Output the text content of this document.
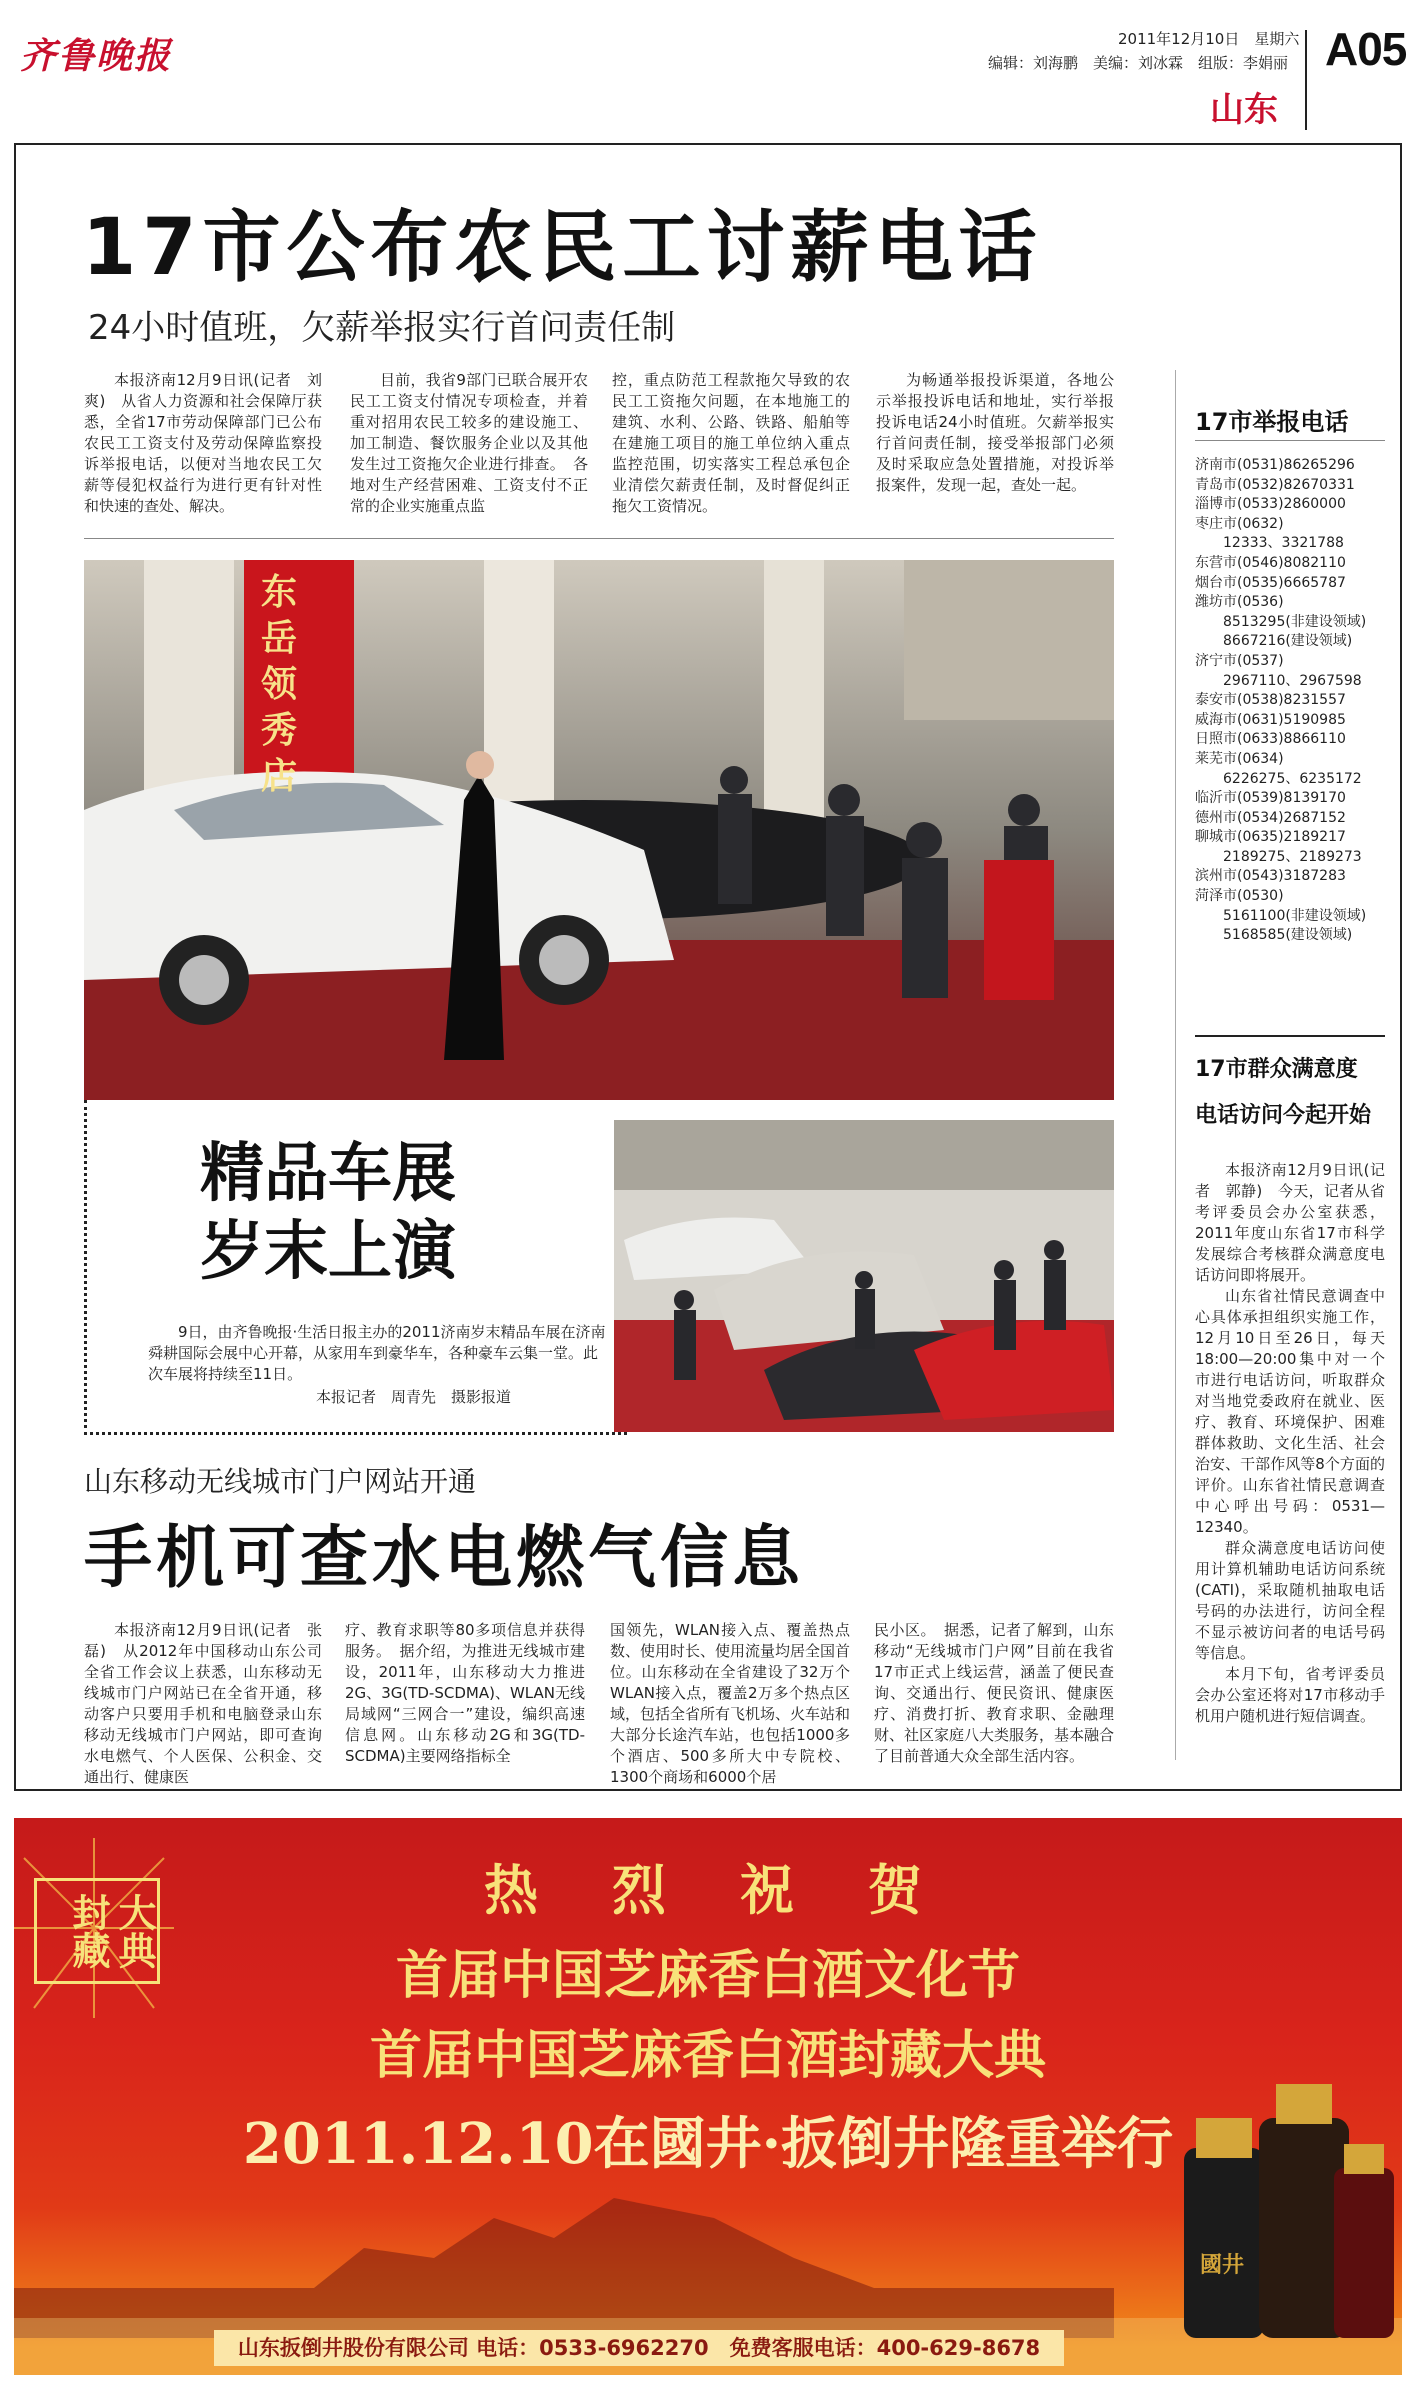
齐鲁晚报	2011年12月10日　 星期六
编辑：刘海鹏　美编：刘冰霖　组版：李娟丽 A05
山东
17市公布农民工讨薪电话
24小时值班，欠薪举报实行首问责任制

本报济南12月9日讯(记者　刘爽)　从省人力资源和社会保障厅获悉，全省17市劳动保障部门已公布农民工工资支付及劳动保障监察投诉举报电话，以便对当地农民工欠薪等侵犯权益行为进行更有针对性和快速的查处、解决。

目前，我省9部门已联合展开农民工工资支付情况专项检查，并着重对招用农民工较多的建设施工、加工制造、餐饮服务企业以及其他发生过工资拖欠企业进行排查。　各地对生产经营困难、工资支付不正常的企业实施重点监

控，重点防范工程款拖欠导致的农民工工资拖欠问题，在本地施工的建筑、水利、公路、铁路、船舶等在建施工项目的施工单位纳入重点监控范围，切实落实工程总承包企业清偿欠薪责任制，及时督促纠正拖欠工资情况。

为畅通举报投诉渠道，各地公示举报投诉电话和地址，实行举报投诉电话24小时值班。欠薪举报实行首问责任制，接受举报部门必须及时采取应急处置措施，对投诉举报案件，发现一起，查处一起。

17市举报电话
济南市(0531)86265296
青岛市(0532)82670331
淄博市(0533)2860000
枣庄市(0632)
　　12333、3321788
东营市(0546)8082110
烟台市(0535)6665787
潍坊市(0536)
　　8513295(非建设领域)
　　8667216(建设领域)
济宁市(0537)
　　2967110、2967598
泰安市(0538)8231557
威海市(0631)5190985
日照市(0633)8866110
莱芜市(0634)
　　6226275、6235172
临沂市(0539)8139170
德州市(0534)2687152
聊城市(0635)2189217
　　2189275、2189273
滨州市(0543)3187283
菏泽市(0530)
　　5161100(非建设领域)
　　5168585(建设领域)
17市群众满意度
电话访问今起开始

本报济南12月9日讯(记者　郭静)　今天，记者从省考评委员会办公室获悉，2011年度山东省17市科学发展综合考核群众满意度电话访问即将展开。

山东省社情民意调查中心具体承担组织实施工作，12月10日至26日，每天18:00—20:00集中对一个市进行电话访问，听取群众对当地党委政府在就业、医疗、教育、环境保护、困难群体救助、文化生活、社会治安、干部作风等8个方面的评价。山东省社情民意调查中心呼出号码：0531—12340。

群众满意度电话访问使用计算机辅助电话访问系统(CATI)，采取随机抽取电话号码的办法进行，访问全程不显示被访问者的电话号码等信息。

本月下旬，省考评委员会办公室还将对17市移动手机用户随机进行短信调查。

东岳领秀店
精品车展
岁末上演
9日，由齐鲁晚报·生活日报主办的2011济南岁末精品车展在济南舜耕国际会展中心开幕，从家用车到豪华车，各种豪车云集一堂。此次车展将持续至11日。
本报记者　周青先　摄影报道
山东移动无线城市门户网站开通
手机可查水电燃气信息

本报济南12月9日讯(记者　张磊)　从2012年中国移动山东公司全省工作会议上获悉，山东移动无线城市门户网站已在全省开通，移动客户只要用手机和电脑登录山东移动无线城市门户网站，即可查询水电燃气、个人医保、公积金、交通出行、健康医

疗、教育求职等80多项信息并获得服务。　据介绍，为推进无线城市建设，2011年，山东移动大力推进2G、3G(TD-SCDMA)、WLAN无线局域网“三网合一”建设，编织高速信息网。山东移动2G和3G(TD-SCDMA)主要网络指标全

国领先，WLAN接入点、覆盖热点数、使用时长、使用流量均居全国首位。山东移动在全省建设了32万个WLAN接入点，覆盖2万多个热点区域，包括全省所有飞机场、火车站和大部分长途汽车站，也包括1000多个酒店、500多所大中专院校、1300个商场和6000个居

民小区。　据悉，记者了解到，山东移动“无线城市门户网”目前在我省17市正式上线运营，涵盖了便民查询、交通出行、便民资讯、健康医疗、消费打折、教育求职、金融理财、社区家庭八大类服务，基本融合了目前普通大众全部生活内容。

大典封藏
热　烈　祝　贺
首届中国芝麻香白酒文化节
首届中国芝麻香白酒封藏大典
2011.12.10在國井·扳倒井隆重举行
國井
山东扳倒井股份有限公司 电话：0533-6962270　免费客服电话：400-629-8678
